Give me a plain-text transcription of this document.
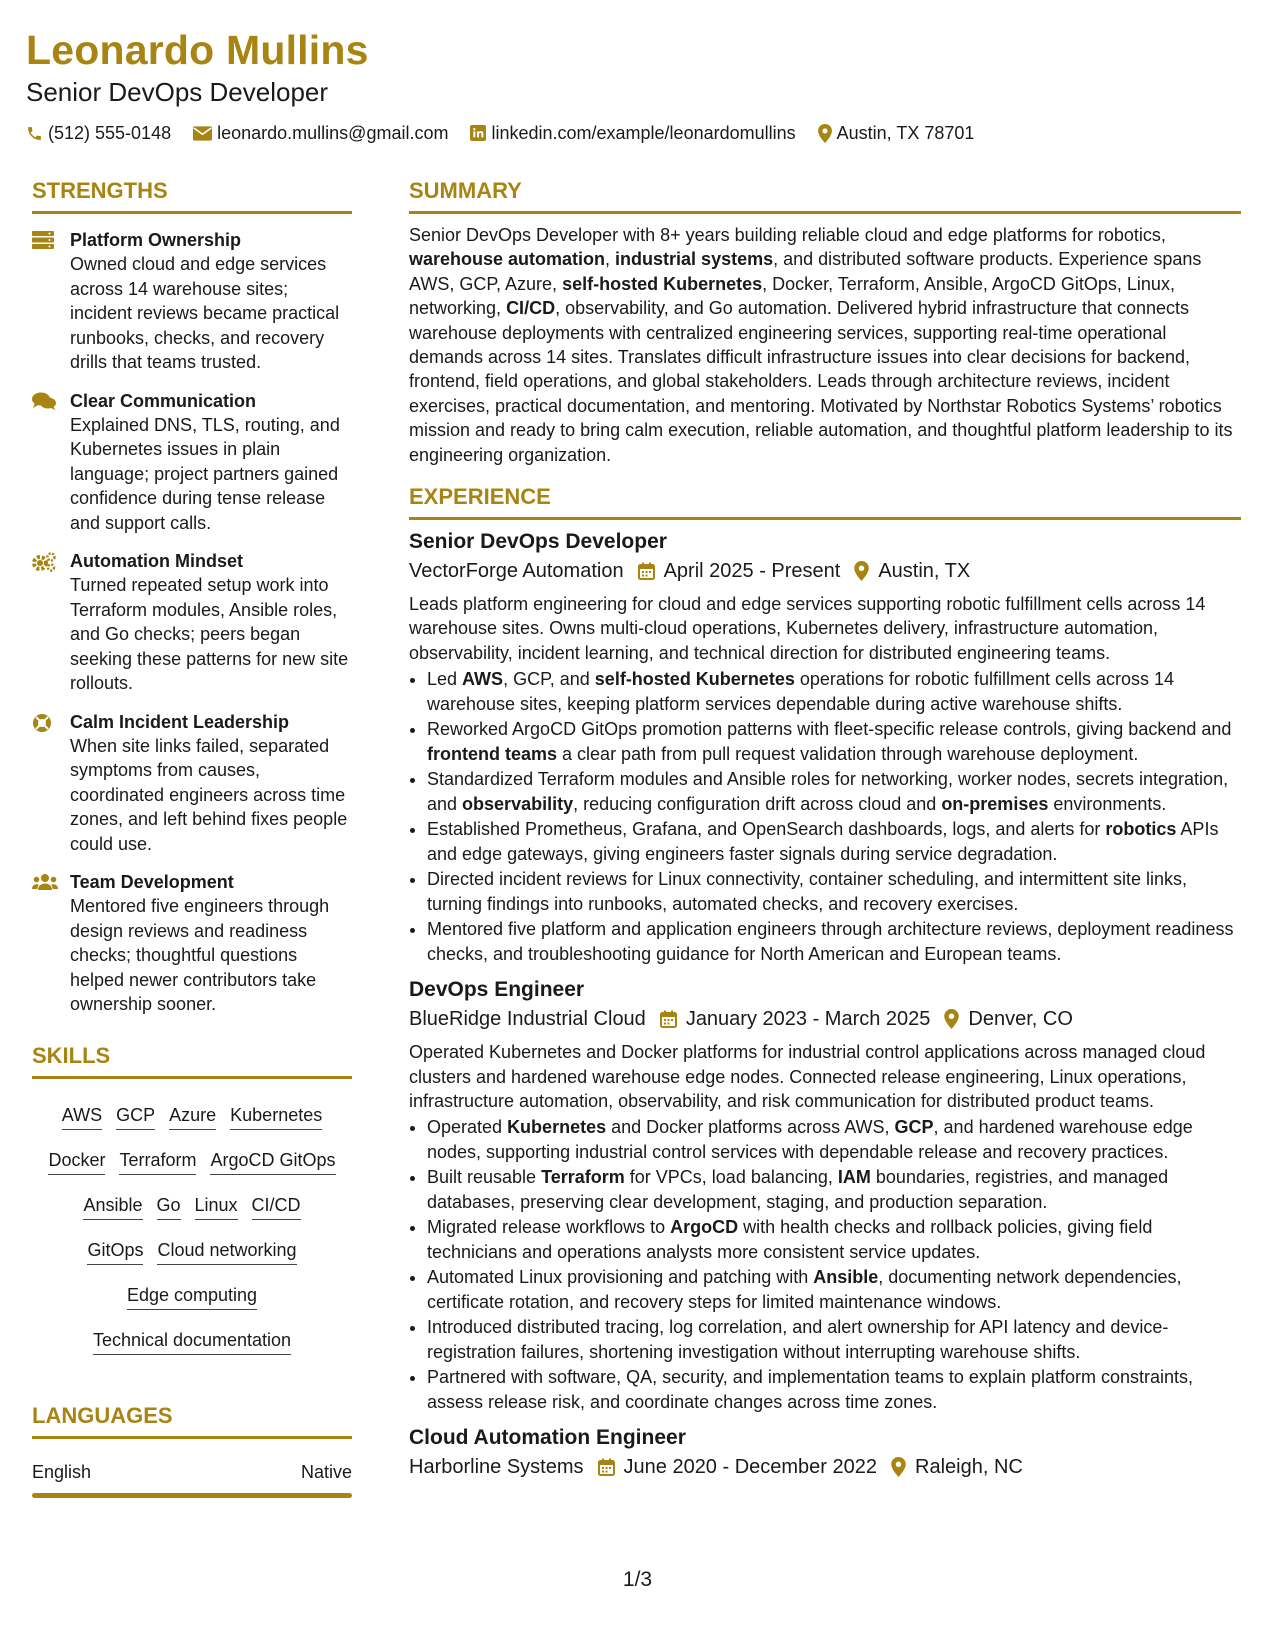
Leonardo Mullins
Senior DevOps Developer
(512) 555-0148	leonardo.mullins@gmail.com linkedin.com/example/leonardomullins Austin, TX 78701
STRENGTHS
Platform Ownership
Owned cloud and edge services across 14 warehouse sites; incident reviews became practical runbooks, checks, and recovery drills that teams trusted.
Clear Communication
Explained DNS, TLS, routing, and Kubernetes issues in plain language; project partners gained confidence during tense release and support calls.
Automation Mindset
Turned repeated setup work into Terraform modules, Ansible roles, and Go checks; peers began seeking these patterns for new site rollouts.
Calm Incident Leadership
When site links failed, separated symptoms from causes, coordinated engineers across time zones, and left behind fixes people could use.
Team Development
Mentored five engineers through design reviews and readiness checks; thoughtful questions helped newer contributors take ownership sooner.
SKILLS
AWS GCP Azure Kubernetes
Docker Terraform ArgoCD GitOps
Ansible Go Linux CI/CD
GitOps Cloud networking
Edge computing
Technical documentation
LANGUAGES
English	Native
SUMMARY
Senior DevOps Developer with 8+ years building reliable cloud and edge platforms for robotics, warehouse automation, industrial systems, and distributed software products. Experience spans AWS, GCP, Azure, self-hosted Kubernetes, Docker, Terraform, Ansible, ArgoCD GitOps, Linux, networking, CI/CD, observability, and Go automation. Delivered hybrid infrastructure that connects warehouse deployments with centralized engineering services, supporting real-time operational demands across 14 sites. Translates difficult infrastructure issues into clear decisions for backend, frontend, field operations, and global stakeholders. Leads through architecture reviews, incident exercises, practical documentation, and mentoring. Motivated by Northstar Robotics Systems’ robotics mission and ready to bring calm execution, reliable automation, and thoughtful platform leadership to its engineering organization.
EXPERIENCE
Senior DevOps Developer
VectorForge Automation April 2025 - Present Austin, TX
Leads platform engineering for cloud and edge services supporting robotic fulfillment cells across 14 warehouse sites. Owns multi-cloud operations, Kubernetes delivery, infrastructure automation, observability, incident learning, and technical direction for distributed engineering teams.
• Led AWS, GCP, and self-hosted Kubernetes operations for robotic fulfillment cells across 14 warehouse sites, keeping platform services dependable during active warehouse shifts.
• Reworked ArgoCD GitOps promotion patterns with fleet-specific release controls, giving backend and frontend teams a clear path from pull request validation through warehouse deployment.
• Standardized Terraform modules and Ansible roles for networking, worker nodes, secrets integration, and observability, reducing configuration drift across cloud and on-premises environments.
• Established Prometheus, Grafana, and OpenSearch dashboards, logs, and alerts for robotics APIs and edge gateways, giving engineers faster signals during service degradation.
• Directed incident reviews for Linux connectivity, container scheduling, and intermittent site links, turning findings into runbooks, automated checks, and recovery exercises.
• Mentored five platform and application engineers through architecture reviews, deployment readiness checks, and troubleshooting guidance for North American and European teams.
DevOps Engineer
BlueRidge Industrial Cloud January 2023 - March 2025 Denver, CO
Operated Kubernetes and Docker platforms for industrial control applications across managed cloud clusters and hardened warehouse edge nodes. Connected release engineering, Linux operations, infrastructure automation, observability, and risk communication for distributed product teams.
• Operated Kubernetes and Docker platforms across AWS, GCP, and hardened warehouse edge nodes, supporting industrial control services with dependable release and recovery practices.
• Built reusable Terraform for VPCs, load balancing, IAM boundaries, registries, and managed databases, preserving clear development, staging, and production separation.
• Migrated release workflows to ArgoCD with health checks and rollback policies, giving field technicians and operations analysts more consistent service updates.
• Automated Linux provisioning and patching with Ansible, documenting network dependencies, certificate rotation, and recovery steps for limited maintenance windows.
• Introduced distributed tracing, log correlation, and alert ownership for API latency and device-registration failures, shortening investigation without interrupting warehouse shifts.
• Partnered with software, QA, security, and implementation teams to explain platform constraints, assess release risk, and coordinate changes across time zones.
Cloud Automation Engineer
Harborline Systems June 2020 - December 2022 Raleigh, NC
1/3
